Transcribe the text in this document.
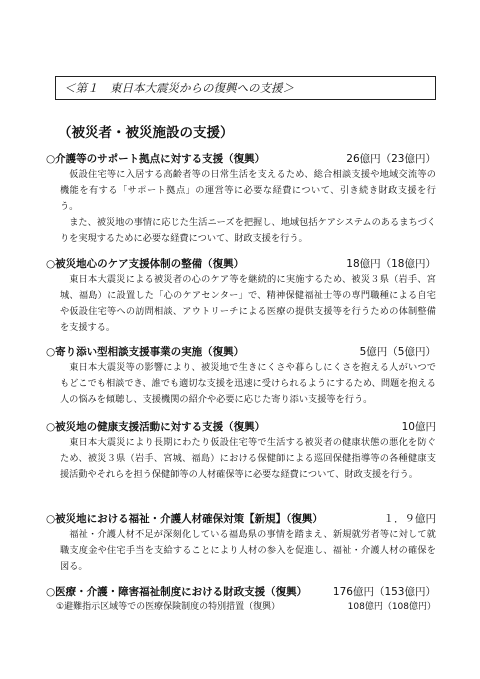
＜第１　東日本大震災からの復興への支援＞
（被災者・被災施設の支援）
○介護等のサポート拠点に対する支援（復興）	26億円（23億円）

仮設住宅等に入居する高齢者等の日常生活を支えるため、総合相談支援や地域交流等の機能を有する「サポート拠点」の運営等に必要な経費について、引き続き財政支援を行う。

また、被災地の事情に応じた生活ニーズを把握し、地域包括ケアシステムのあるまちづくりを実現するために必要な経費について、財政支援を行う。

○被災地心のケア支援体制の整備（復興）	18億円（18億円）

東日本大震災による被災者の心のケア等を継続的に実施するため、被災３県（岩手、宮城、福島）に設置した「心のケアセンター」で、精神保健福祉士等の専門職種による自宅や仮設住宅等への訪問相談、アウトリーチによる医療の提供支援等を行うための体制整備を支援する。

○寄り添い型相談支援事業の実施（復興）	5億円（5億円）

東日本大震災等の影響により、被災地で生きにくさや暮らしにくさを抱える人がいつでもどこでも相談でき、誰でも適切な支援を迅速に受けられるようにするため、問題を抱える人の悩みを傾聴し、支援機関の紹介や必要に応じた寄り添い支援等を行う。

○被災地の健康支援活動に対する支援（復興）	10億円

東日本大震災により長期にわたり仮設住宅等で生活する被災者の健康状態の悪化を防ぐため、被災３県（岩手、宮城、福島）における保健師による巡回保健指導等の各種健康支援活動やそれらを担う保健師等の人材確保等に必要な経費について、財政支援を行う。

○被災地における福祉・介護人材確保対策【新規】（復興）	１．９億円

福祉・介護人材不足が深刻化している福島県の事情を踏まえ、新規就労者等に対して就職支度金や住宅手当を支給することにより人材の参入を促進し、福祉・介護人材の確保を図る。

○医療・介護・障害福祉制度における財政支援（復興） 176億円（153億円）
①避難指示区域等での医療保険制度の特別措置（復興）	108億円（108億円）
